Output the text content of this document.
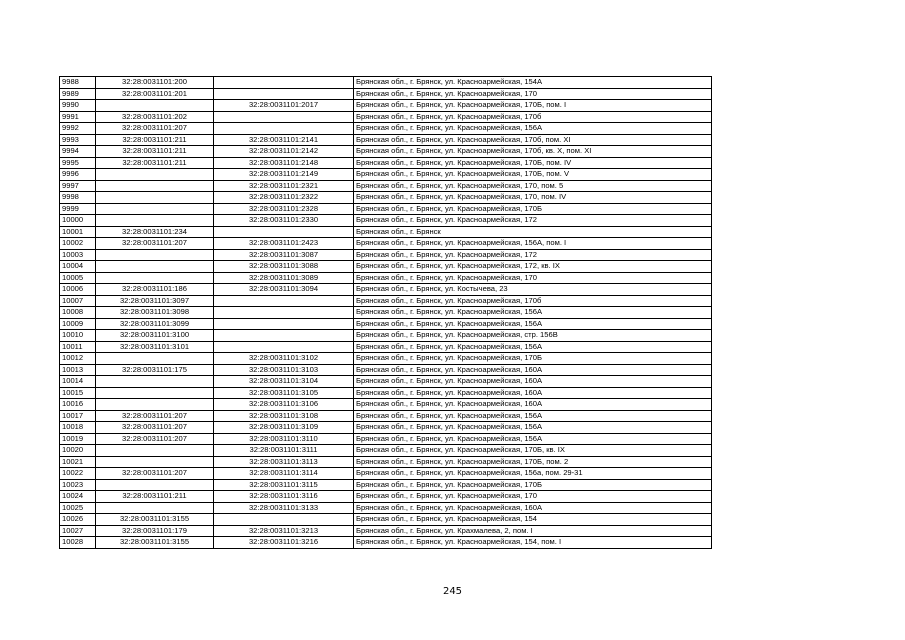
9988	32:28:0031101:200		Брянская обл., г. Брянск, ул. Красноармейская, 154А
9989	32:28:0031101:201		Брянская обл., г. Брянск, ул. Красноармейская, 170
9990		32:28:0031101:2017	Брянская обл., г. Брянск, ул. Красноармейская, 170Б, пом. I
9991	32:28:0031101:202		Брянская обл., г. Брянск, ул. Красноармейская, 170б
9992	32:28:0031101:207		Брянская обл., г. Брянск, ул. Красноармейская, 156А
9993	32:28:0031101:211	32:28:0031101:2141	Брянская обл., г. Брянск, ул. Красноармейская, 170б, пом. XI
9994	32:28:0031101:211	32:28:0031101:2142	Брянская обл., г. Брянск, ул. Красноармейская, 170б, кв. X, пом. XI
9995	32:28:0031101:211	32:28:0031101:2148	Брянская обл., г. Брянск, ул. Красноармейская, 170Б, пом. IV
9996		32:28:0031101:2149	Брянская обл., г. Брянск, ул. Красноармейская, 170Б, пом. V
9997		32:28:0031101:2321	Брянская обл., г. Брянск, ул. Красноармейская, 170, пом. 5
9998		32:28:0031101:2322	Брянская обл., г. Брянск, ул. Красноармейская, 170, пом. IV
9999		32:28:0031101:2328	Брянская обл., г. Брянск, ул. Красноармейская, 170Б
10000		32:28:0031101:2330	Брянская обл., г. Брянск, ул. Красноармейская, 172
10001	32:28:0031101:234		Брянская обл., г. Брянск
10002	32:28:0031101:207	32:28:0031101:2423	Брянская обл., г. Брянск, ул. Красноармейская, 156А, пом. I
10003		32:28:0031101:3087	Брянская обл., г. Брянск, ул. Красноармейская, 172
10004		32:28:0031101:3088	Брянская обл., г. Брянск, ул. Красноармейская, 172, кв. IX
10005		32:28:0031101:3089	Брянская обл., г. Брянск, ул. Красноармейская, 170
10006	32:28:0031101:186	32:28:0031101:3094	Брянская обл., г. Брянск, ул. Костычева, 23
10007	32:28:0031101:3097		Брянская обл., г. Брянск, ул. Красноармейская, 170б
10008	32:28:0031101:3098		Брянская обл., г. Брянск, ул. Красноармейская, 156А
10009	32:28:0031101:3099		Брянская обл., г. Брянск, ул. Красноармейская, 156А
10010	32:28:0031101:3100		Брянская обл., г. Брянск, ул. Красноармейская, стр. 156В
10011	32:28:0031101:3101		Брянская обл., г. Брянск, ул. Красноармейская, 156А
10012		32:28:0031101:3102	Брянская обл., г. Брянск, ул. Красноармейская, 170Б
10013	32:28:0031101:175	32:28:0031101:3103	Брянская обл., г. Брянск, ул. Красноармейская, 160А
10014		32:28:0031101:3104	Брянская обл., г. Брянск, ул. Красноармейская, 160А
10015		32:28:0031101:3105	Брянская обл., г. Брянск, ул. Красноармейская, 160А
10016		32:28:0031101:3106	Брянская обл., г. Брянск, ул. Красноармейская, 160А
10017	32:28:0031101:207	32:28:0031101:3108	Брянская обл., г. Брянск, ул. Красноармейская, 156А
10018	32:28:0031101:207	32:28:0031101:3109	Брянская обл., г. Брянск, ул. Красноармейская, 156А
10019	32:28:0031101:207	32:28:0031101:3110	Брянская обл., г. Брянск, ул. Красноармейская, 156А
10020		32:28:0031101:3111	Брянская обл., г. Брянск, ул. Красноармейская, 170Б, кв. IX
10021		32:28:0031101:3113	Брянская обл., г. Брянск, ул. Красноармейская, 170Б, пом. 2
10022	32:28:0031101:207	32:28:0031101:3114	Брянская обл., г. Брянск, ул. Красноармейская, 156а, пом. 29-31
10023		32:28:0031101:3115	Брянская обл., г. Брянск, ул. Красноармейская, 170Б
10024	32:28:0031101:211	32:28:0031101:3116	Брянская обл., г. Брянск, ул. Красноармейская, 170
10025		32:28:0031101:3133	Брянская обл., г. Брянск, ул. Красноармейская, 160А
10026	32:28:0031101:3155		Брянская обл., г. Брянск, ул. Красноармейская, 154
10027	32:28:0031101:179	32:28:0031101:3213	Брянская обл., г. Брянск, ул. Крахмалева, 2, пом. I
10028	32:28:0031101:3155	32:28:0031101:3216	Брянская обл., г. Брянск, ул. Красноармейская, 154, пом. I
245
